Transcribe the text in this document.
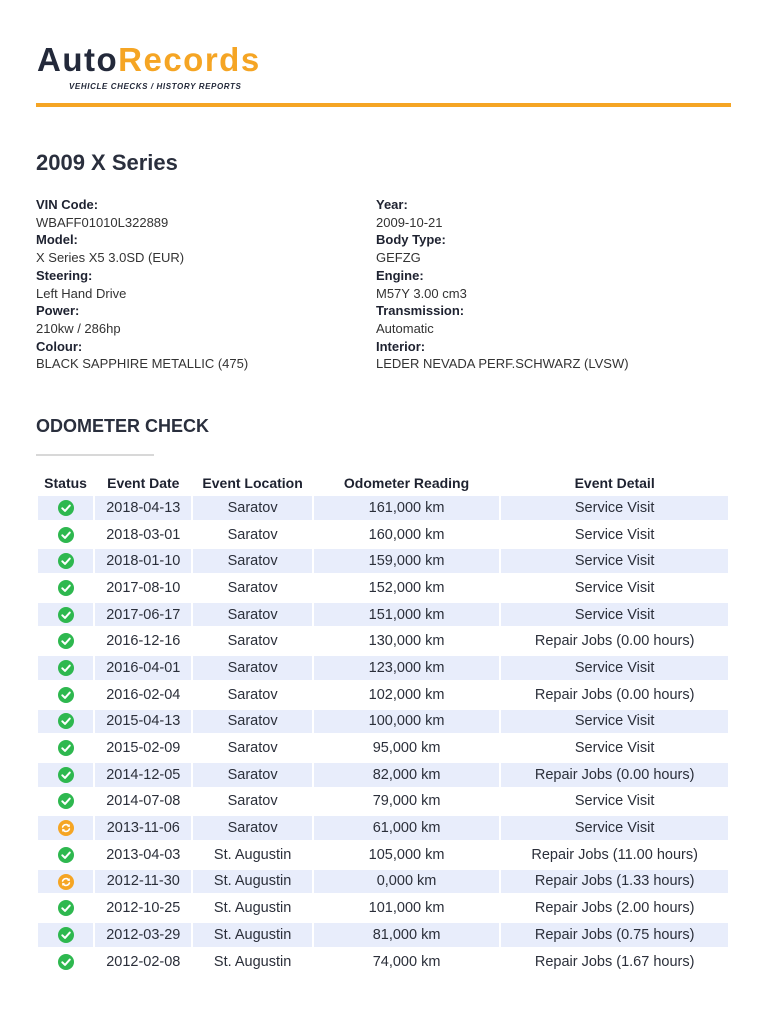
AutoRecords
VEHICLE CHECKS / HISTORY REPORTS
2009 X Series
VIN Code:
WBAFF01010L322889
Model:
X Series X5 3.0SD (EUR)
Steering:
Left Hand Drive
Power:
210kw / 286hp
Colour:
BLACK SAPPHIRE METALLIC (475)
Year:
2009-10-21
Body Type:
GEFZG
Engine:
M57Y 3.00 cm3
Transmission:
Automatic
Interior:
LEDER NEVADA PERF.SCHWARZ (LVSW)
ODOMETER CHECK
Status	Event Date	Event Location	Odometer Reading	Event Detail
	2018-04-13	Saratov	161,000 km	Service Visit
	2018-03-01	Saratov	160,000 km	Service Visit
	2018-01-10	Saratov	159,000 km	Service Visit
	2017-08-10	Saratov	152,000 km	Service Visit
	2017-06-17	Saratov	151,000 km	Service Visit
	2016-12-16	Saratov	130,000 km	Repair Jobs (0.00 hours)
	2016-04-01	Saratov	123,000 km	Service Visit
	2016-02-04	Saratov	102,000 km	Repair Jobs (0.00 hours)
	2015-04-13	Saratov	100,000 km	Service Visit
	2015-02-09	Saratov	95,000 km	Service Visit
	2014-12-05	Saratov	82,000 km	Repair Jobs (0.00 hours)
	2014-07-08	Saratov	79,000 km	Service Visit
	2013-11-06	Saratov	61,000 km	Service Visit
	2013-04-03	St. Augustin	105,000 km	Repair Jobs (11.00 hours)
	2012-11-30	St. Augustin	0,000 km	Repair Jobs (1.33 hours)
	2012-10-25	St. Augustin	101,000 km	Repair Jobs (2.00 hours)
	2012-03-29	St. Augustin	81,000 km	Repair Jobs (0.75 hours)
	2012-02-08	St. Augustin	74,000 km	Repair Jobs (1.67 hours)
